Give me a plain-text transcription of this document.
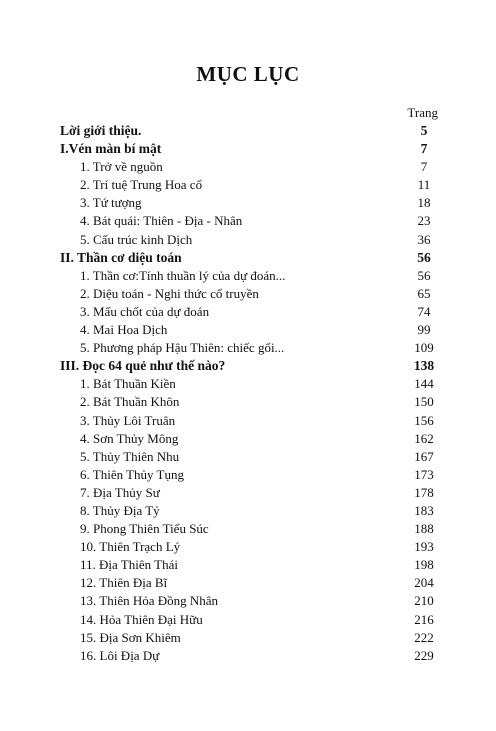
MỤC LỤC
Trang
Lời giới thiệu.	5
I.Vén màn bí mật	7
1. Trở về nguồn	7
2. Trí tuệ Trung Hoa cổ	11
3. Tứ tượng	18
4. Bát quái: Thiên - Địa - Nhân	23
5. Cấu trúc kinh Dịch	36
II. Thần cơ diệu toán	56
1. Thần cơ:Tính thuần lý của dự đoán...	56
2. Diệu toán - Nghi thức cổ truyền	65
3. Mấu chốt của dự đoán	74
4. Mai Hoa Dịch	99
5. Phương pháp Hậu Thiên: chiếc gối...	109
III. Đọc 64 quẻ như thế nào?	138
1. Bát Thuần Kiền	144
2. Bát Thuần Khôn	150
3. Thủy Lôi Truân	156
4. Sơn Thủy Mông	162
5. Thủy Thiên Nhu	167
6. Thiên Thủy Tụng	173
7. Địa Thủy Sư	178
8. Thủy Địa Tỷ	183
9. Phong Thiên Tiểu Súc	188
10. Thiên Trạch Lý	193
11. Địa Thiên Thái	198
12. Thiên Địa Bĩ	204
13. Thiên Hỏa Đồng Nhân	210
14. Hỏa Thiên Đại Hữu	216
15. Địa Sơn Khiêm	222
16. Lôi Địa Dự	229
